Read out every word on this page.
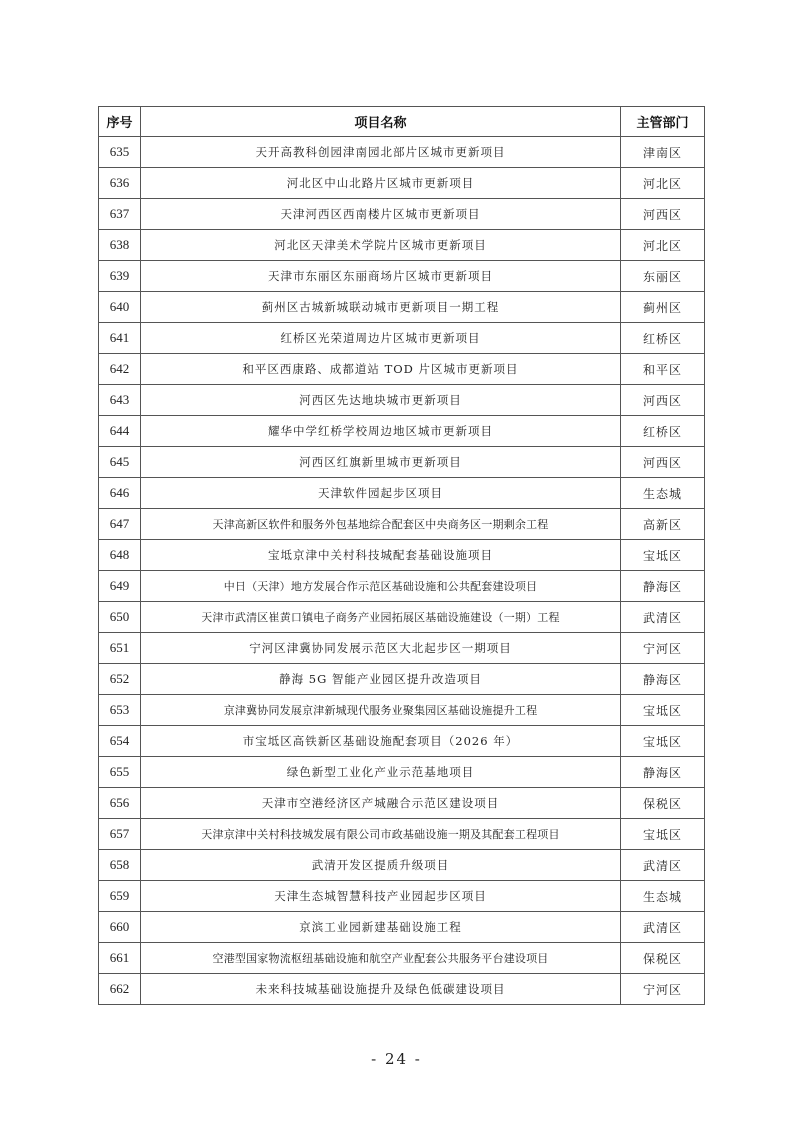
序号	项目名称	主管部门
635	天开高教科创园津南园北部片区城市更新项目	津南区
636	河北区中山北路片区城市更新项目	河北区
637	天津河西区西南楼片区城市更新项目	河西区
638	河北区天津美术学院片区城市更新项目	河北区
639	天津市东丽区东丽商场片区城市更新项目	东丽区
640	蓟州区古城新城联动城市更新项目一期工程	蓟州区
641	红桥区光荣道周边片区城市更新项目	红桥区
642	和平区西康路、成都道站 TOD 片区城市更新项目	和平区
643	河西区先达地块城市更新项目	河西区
644	耀华中学红桥学校周边地区城市更新项目	红桥区
645	河西区红旗新里城市更新项目	河西区
646	天津软件园起步区项目	生态城
647	天津高新区软件和服务外包基地综合配套区中央商务区一期剩余工程	高新区
648	宝坻京津中关村科技城配套基础设施项目	宝坻区
649	中日（天津）地方发展合作示范区基础设施和公共配套建设项目	静海区
650	天津市武清区崔黄口镇电子商务产业园拓展区基础设施建设（一期）工程	武清区
651	宁河区津冀协同发展示范区大北起步区一期项目	宁河区
652	静海 5G 智能产业园区提升改造项目	静海区
653	京津冀协同发展京津新城现代服务业聚集园区基础设施提升工程	宝坻区
654	市宝坻区高铁新区基础设施配套项目（2026 年）	宝坻区
655	绿色新型工业化产业示范基地项目	静海区
656	天津市空港经济区产城融合示范区建设项目	保税区
657	天津京津中关村科技城发展有限公司市政基础设施一期及其配套工程项目	宝坻区
658	武清开发区提质升级项目	武清区
659	天津生态城智慧科技产业园起步区项目	生态城
660	京滨工业园新建基础设施工程	武清区
661	空港型国家物流枢纽基础设施和航空产业配套公共服务平台建设项目	保税区
662	未来科技城基础设施提升及绿色低碳建设项目	宁河区
- 24 -
